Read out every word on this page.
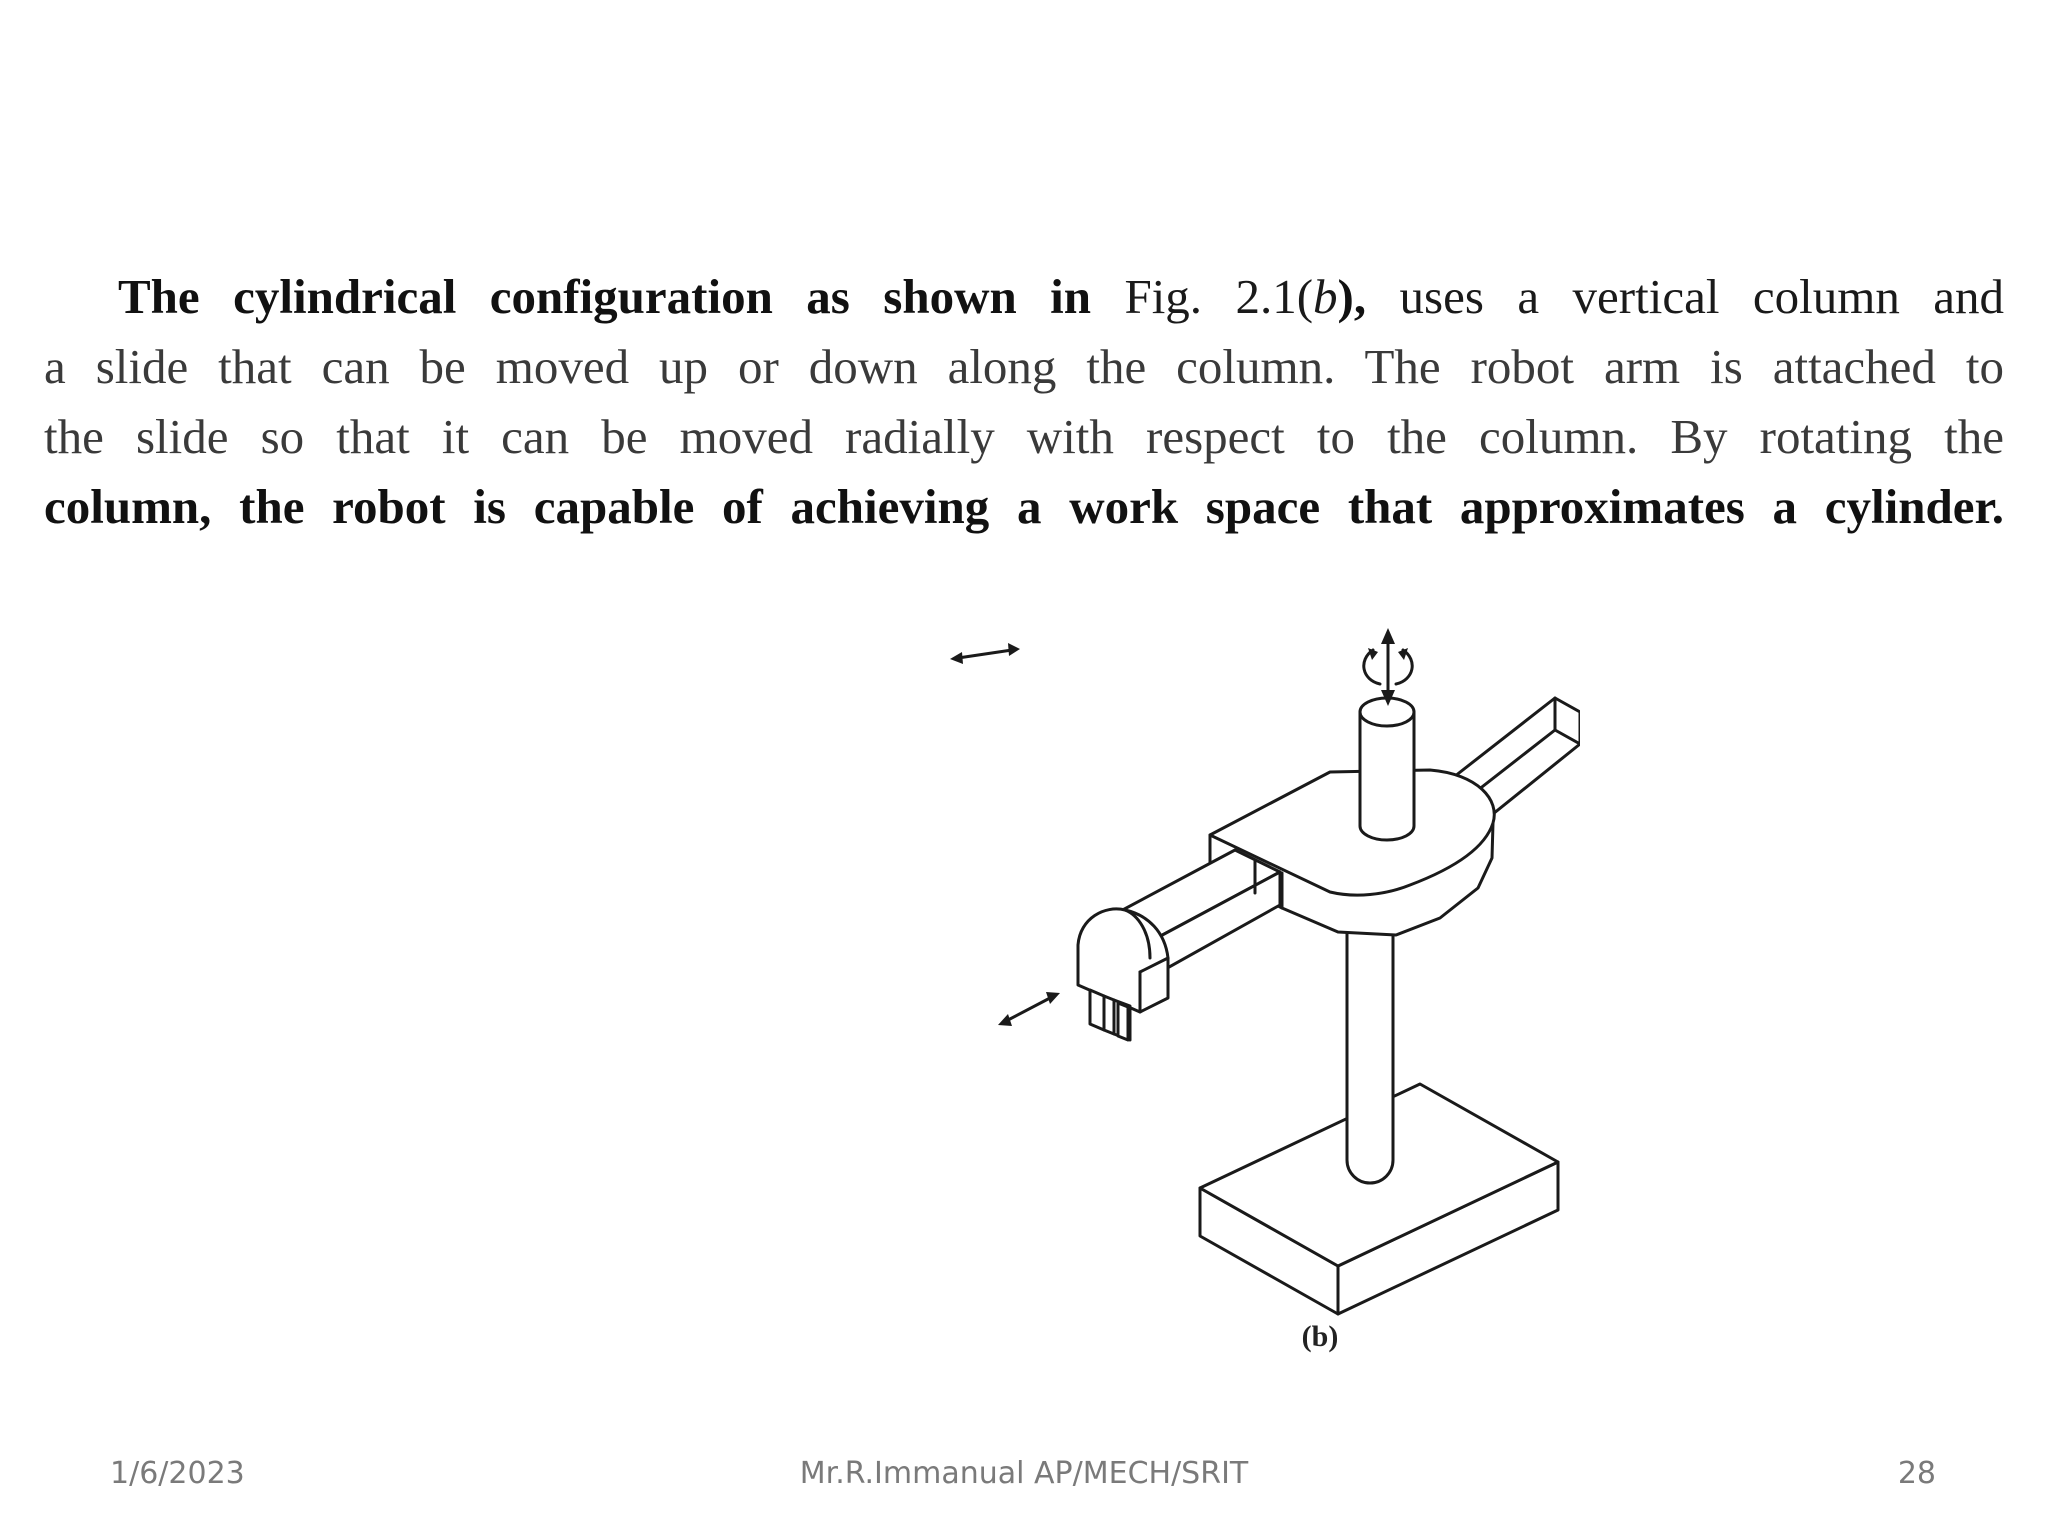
The cylindrical configuration as shown in Fig. 2.1(b), uses a vertical column and
a slide that can be moved up or down along the column. The robot arm is attached to
the slide so that it can be moved radially with respect to the column. By rotating the
column, the robot is capable of achieving a work space that approximates a cylinder.
(b)
1/6/2023	Mr.R.Immanual AP/MECH/SRIT	28
